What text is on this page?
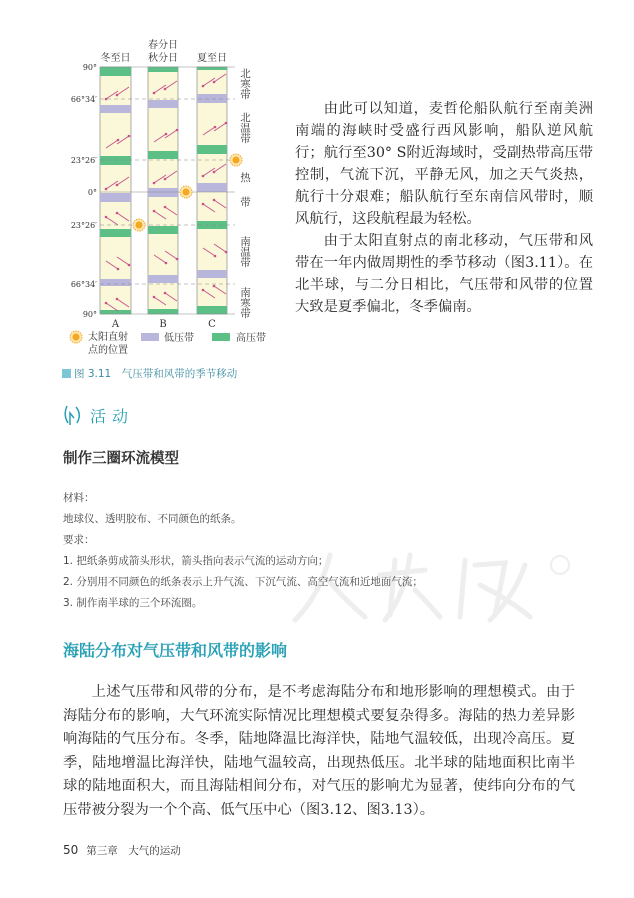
冬至日
A
春分日
秋分日
B
夏至日
C
90°
66°34′
23°26′
0°
23°26′
66°34′
90°
太阳直射
点的位置
低压带	高压带
北寒带
北温带
热带
南温带
南寒带

由此可以知道，麦哲伦船队航行至南美洲南端的海峡时受盛行西风影响，船队逆风航行；航行至30° S附近海域时，受副热带高压带控制，气流下沉，平静无风，加之天气炎热，航行十分艰难；船队航行至东南信风带时，顺风航行，这段航程最为轻松。

由于太阳直射点的南北移动，气压带和风带在一年内做周期性的季节移动（图3.11）。在北半球，与二分日相比，气压带和风带的位置大致是夏季偏北，冬季偏南。

图 3.11　 气压带和风带的季节移动
活动
制作三圈环流模型
材料：
地球仪、透明胶布、不同颜色的纸条。
要求：
1. 把纸条剪成箭头形状，箭头指向表示气流的运动方向；
2. 分别用不同颜色的纸条表示上升气流、下沉气流、高空气流和近地面气流；
3. 制作南半球的三个环流圈。
海陆分布对气压带和风带的影响

上述气压带和风带的分布，是不考虑海陆分布和地形影响的理想模式。由于海陆分布的影响，大气环流实际情况比理想模式要复杂得多。海陆的热力差异影响海陆的气压分布。冬季，陆地降温比海洋快，陆地气温较低，出现冷高压。夏季，陆地增温比海洋快，陆地气温较高，出现热低压。北半球的陆地面积比南半球的陆地面积大，而且海陆相间分布，对气压的影响尤为显著，使纬向分布的气压带被分裂为一个个高、低气压中心（图3.12、图3.13）。

50 第三章　大气的运动
